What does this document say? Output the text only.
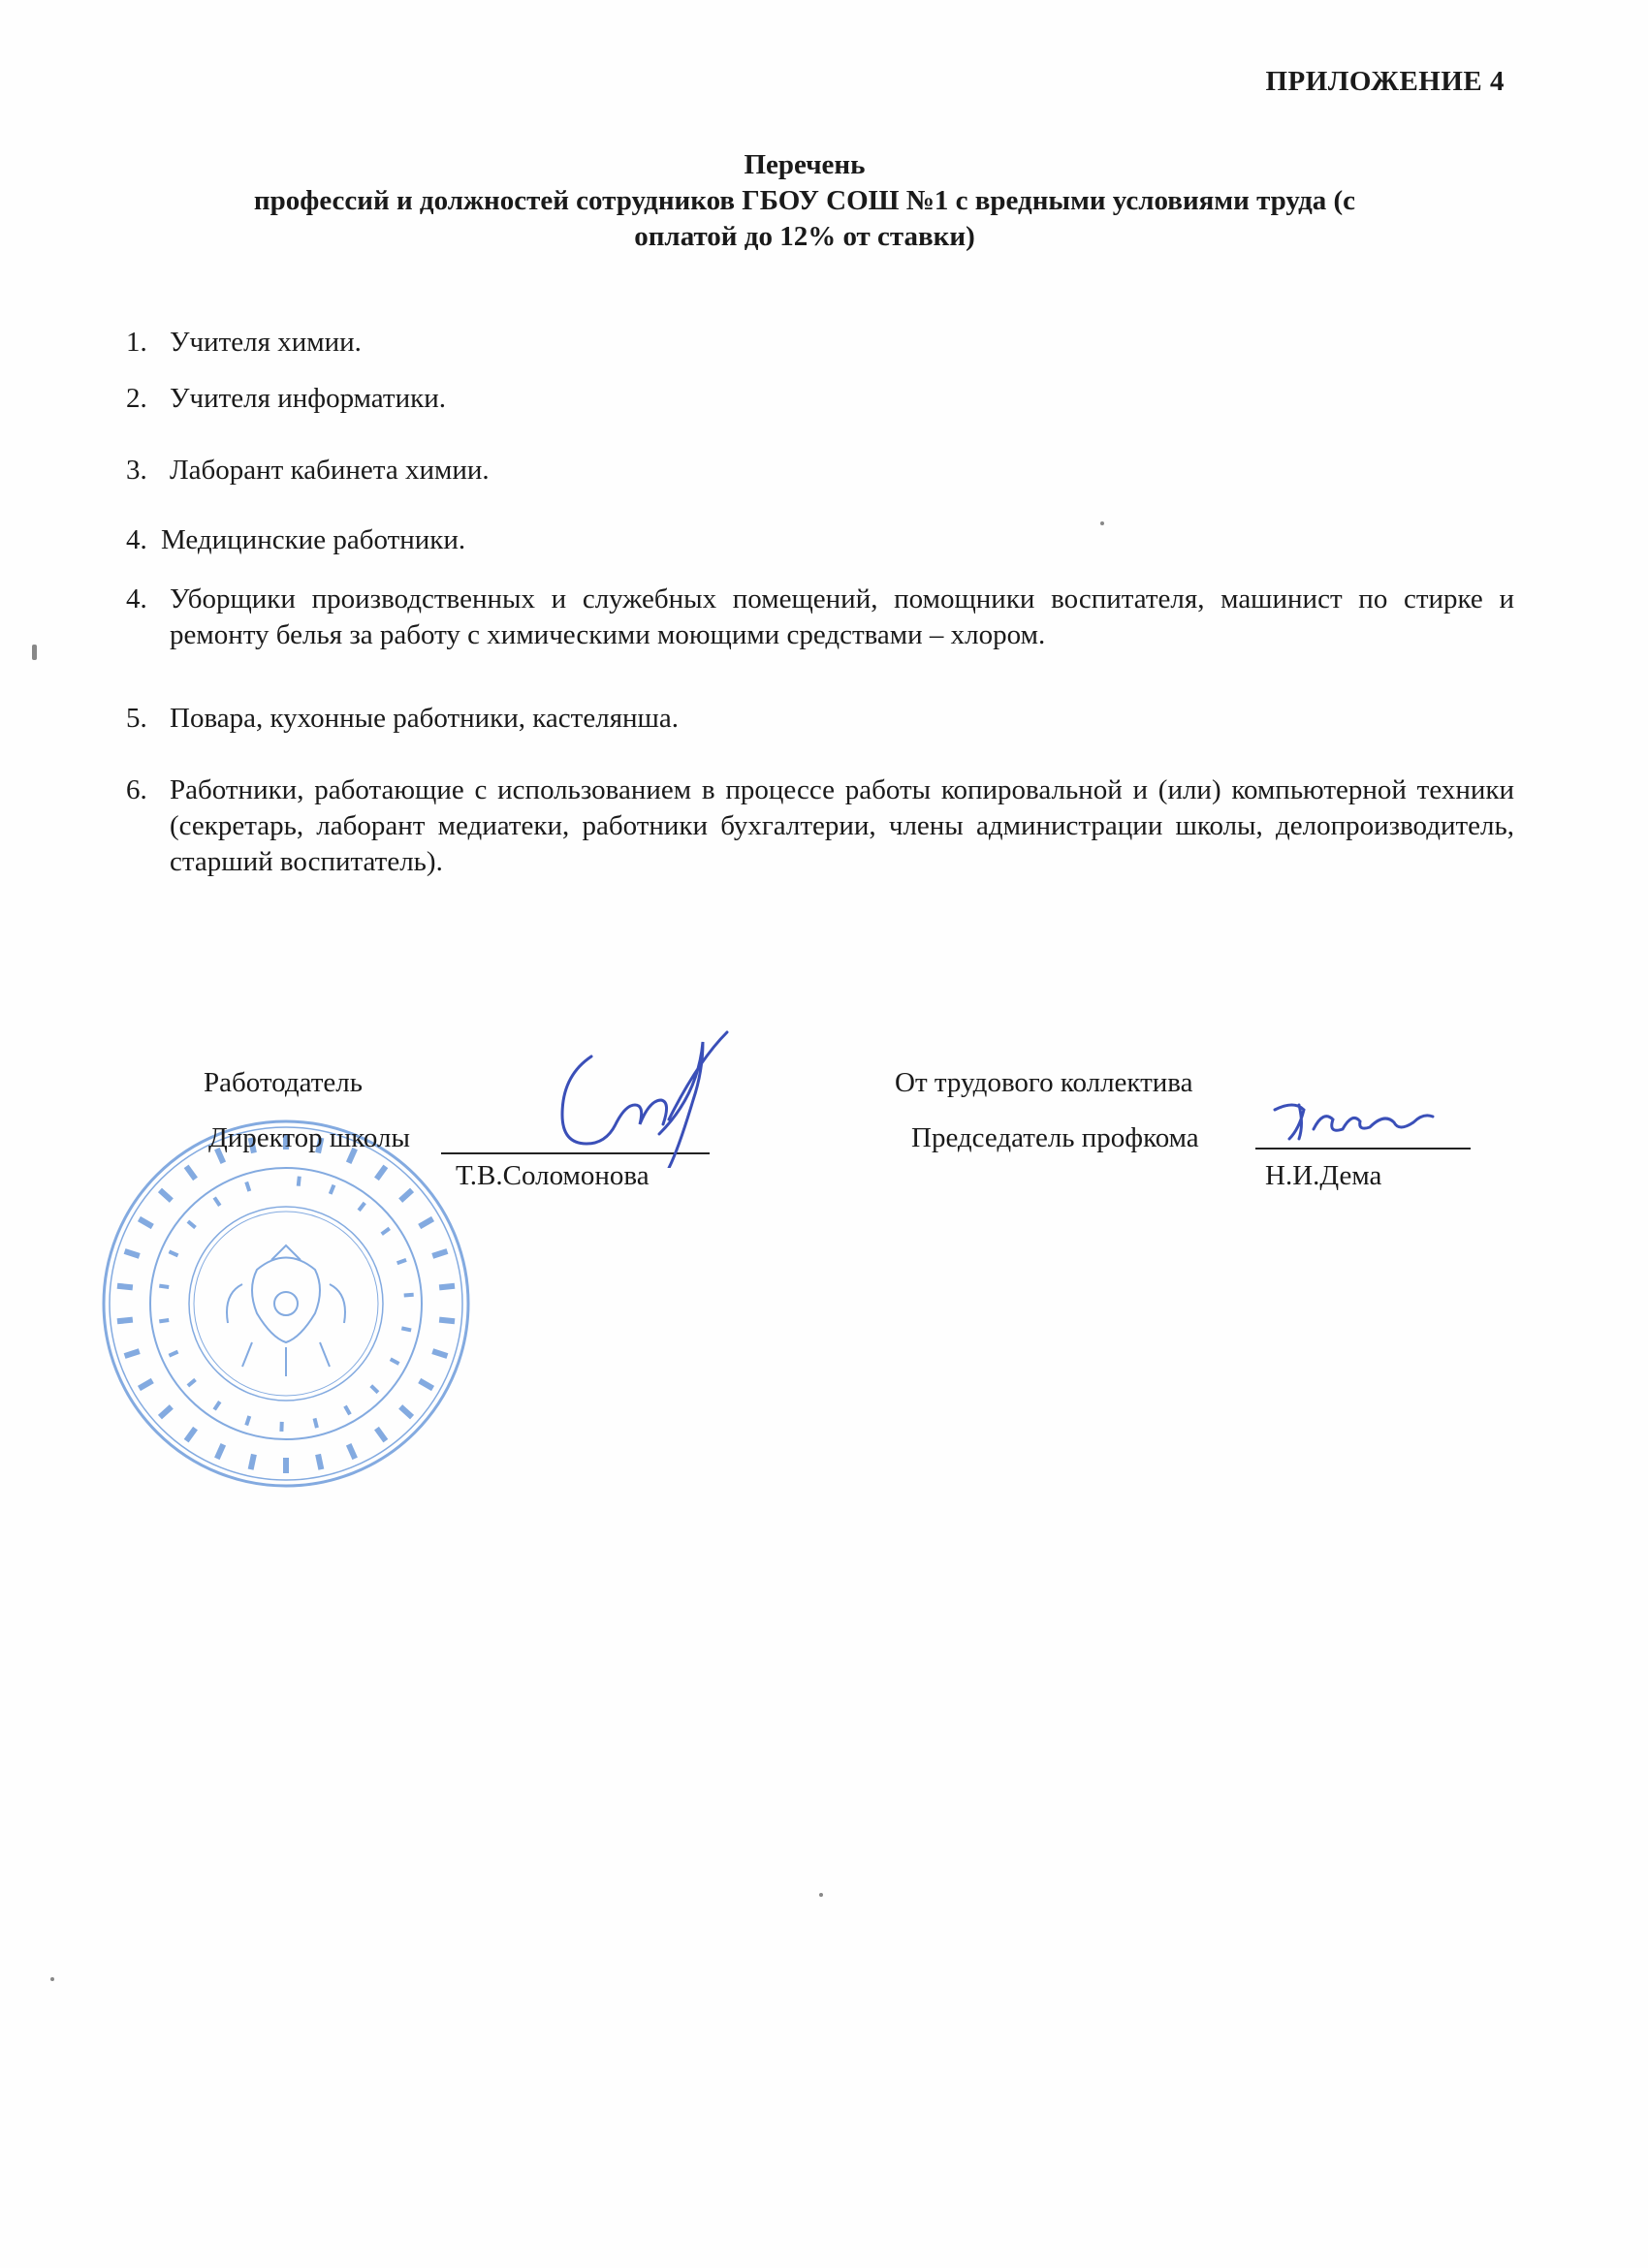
ПРИЛОЖЕНИЕ 4
Перечень
профессий и должностей сотрудников ГБОУ СОШ №1 с вредными условиями труда (с
оплатой до 12% от ставки)
1. Учителя химии.
2. Учителя информатики.
3. Лаборант кабинета химии.
4. Медицинские работники.
4. Уборщики производственных и служебных помещений, помощники воспитателя, машинист по стирке и ремонту белья за работу с химическими моющими средствами – хлором.
5. Повара, кухонные работники, кастелянша.
6. Работники, работающие с использованием в процессе работы копировальной и (или) компьютерной техники (секретарь, лаборант медиатеки, работники бухгалтерии, члены администрации школы, делопроизводитель, старший воспитатель).
Работодатель
Директор школы
Т.В.Соломонова
От трудового коллектива
Председатель профкома
Н.И.Дема
